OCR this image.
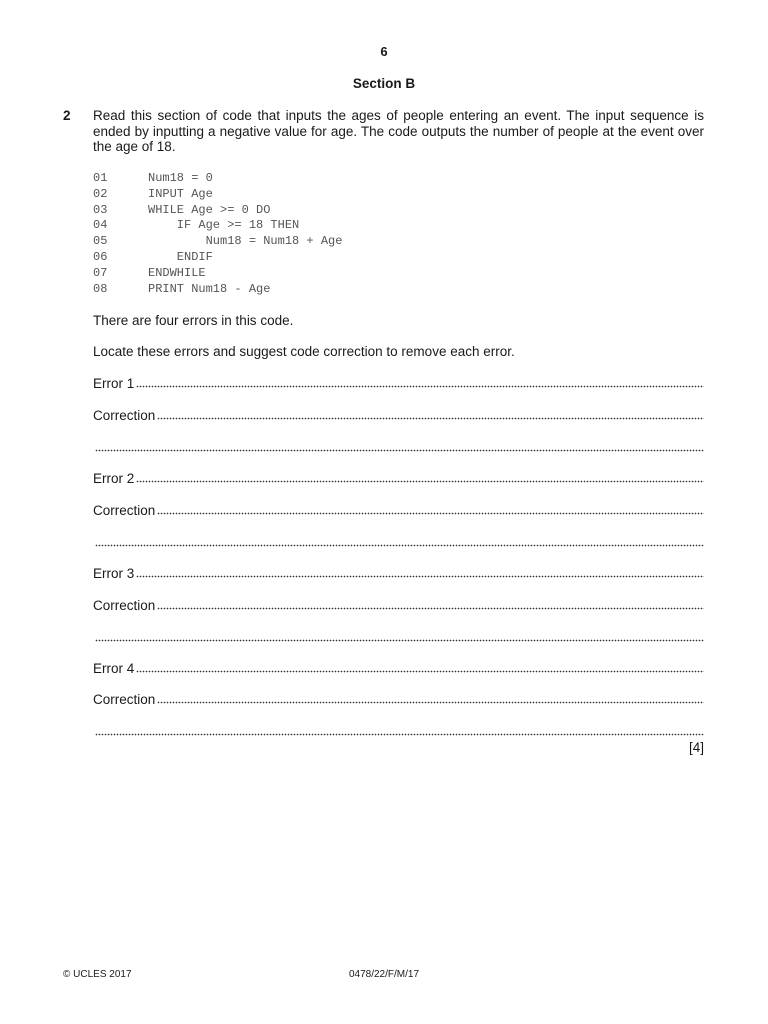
6
Section B
2 Read this section of code that inputs the ages of people entering an event. The input sequence is ended by inputting a negative value for age. The code outputs the number of people at the event over the age of 18.
01	Num18 = 0
02	INPUT Age
03	WHILE Age >= 0 DO
04	IF Age >= 18 THEN
05	Num18 = Num18 + Age
06	ENDIF
07	ENDWHILE
08	PRINT Num18 - Age
There are four errors in this code.
Locate these errors and suggest code correction to remove each error.
Error 1
Correction
Error 2
Correction
Error 3
Correction
Error 4
Correction
[4]
© UCLES 2017	0478/22/F/M/17
